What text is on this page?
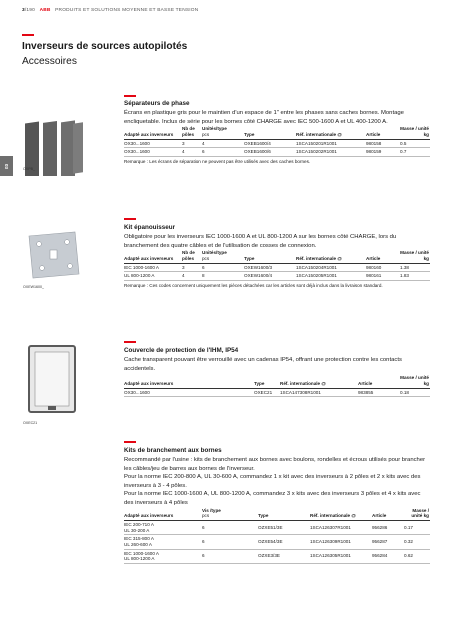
3/190 ABB PRODUITS ET SOLUTIONS MOYENNE ET BASSE TENSION
Inverseurs de sources autopilotés
Accessoires
03
OXPB_
OXEW1600_
OXEC21
Séparateurs de phase

Écrans en plastique gris pour le maintien d'un espace de 1" entre les phases sans caches bornes. Montage encliquetable. Inclus de série pour les bornes côté CHARGE avec IEC 500-1600 A et UL 400-1200 A.

Adapté aux inverseurs	Nb de pôles	Unités/type
pcs	Type	Réf. internationale @	Article	Masse / unité kg
OX30...1600	3	4	OXEB1600/4	1SCA150201R1001	980158	0.5
OX30...1600	4	6	OXEB1600/6	1SCA150202R1001	980159	0.7
Remarque : Les écrans de séparation ne peuvent pas être utilisés avec des caches bornes.
Kit épanouisseur

Obligatoire pour les inverseurs IEC 1000-1600 A et UL 800-1200 A sur les bornes côté CHARGE, lors du branchement des quatre câbles et de l'utilisation de cosses de connexion.

Adapté aux inverseurs	Nb de pôles	Unités/type
pcs	Type	Réf. internationale @	Article	Masse / unité kg
IEC 1000-1600 A	3	6	OXEW1600/3	1SCA150204R1001	980160	1.38
UL 800-1200 A	4	8	OXEW1600/4	1SCA150205R1001	980161	1.83
Remarque : Ces codes concernent uniquement les pièces détachées car les articles sont déjà inclus dans la livraison standard.
Couvercle de protection de l'IHM, IP54

Cache transparent pouvant être verrouillé avec un cadenas IP54, offrant une protection contre les contacts accidentels.

Adapté aux inverseurs	Type	Réf. internationale @	Article	Masse / unité kg
OX30...1600	OXEC21	1SCA147308R1001	983855	0.18
Kits de branchement aux bornes

Recommandé par l'usine : kits de branchement aux bornes avec boulons, rondelles et écrous utilisés pour brancher les câbles/jeu de barres aux bornes de l'inverseur.

Pour la norme IEC 200-800 A, UL 30-600 A, commandez 1 x kit avec des inverseurs à 2 pôles et 2 x kits avec des inverseurs à 3 - 4 pôles.

Pour la norme IEC 1000-1600 A, UL 800-1200 A, commandez 3 x kits avec des inverseurs 3 pôles et 4 x kits avec des inverseurs à 4 pôles

Adapté aux inverseurs	Vis /type
pcs	Type	Réf. internationale @	Article	Masse / unité kg
IEC 200-710 A
UL 30-200 A	6	OZXE51/3E	1SCA126307R1001	956286	0.17
IEC 315-800 A
UL 260-600 A	6	OZXE54/3E	1SCA126309R1001	956287	0.32
IEC 1000-1600 A
UL 800-1200 A	6	OZXE3/3E	1SCA126305R1001	956284	0.62
